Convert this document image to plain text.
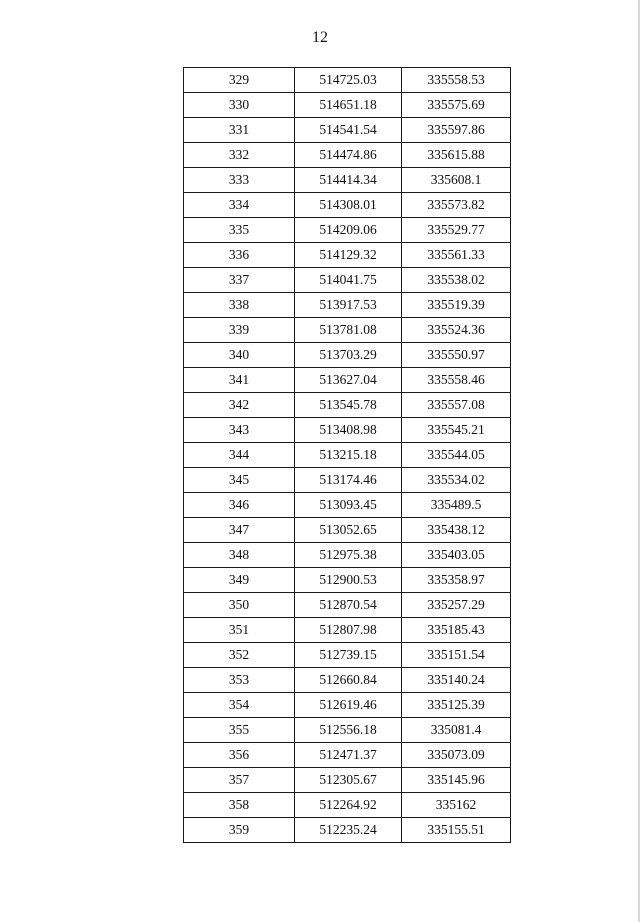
12
329	514725.03	335558.53
330	514651.18	335575.69
331	514541.54	335597.86
332	514474.86	335615.88
333	514414.34	335608.1
334	514308.01	335573.82
335	514209.06	335529.77
336	514129.32	335561.33
337	514041.75	335538.02
338	513917.53	335519.39
339	513781.08	335524.36
340	513703.29	335550.97
341	513627.04	335558.46
342	513545.78	335557.08
343	513408.98	335545.21
344	513215.18	335544.05
345	513174.46	335534.02
346	513093.45	335489.5
347	513052.65	335438.12
348	512975.38	335403.05
349	512900.53	335358.97
350	512870.54	335257.29
351	512807.98	335185.43
352	512739.15	335151.54
353	512660.84	335140.24
354	512619.46	335125.39
355	512556.18	335081.4
356	512471.37	335073.09
357	512305.67	335145.96
358	512264.92	335162
359	512235.24	335155.51
